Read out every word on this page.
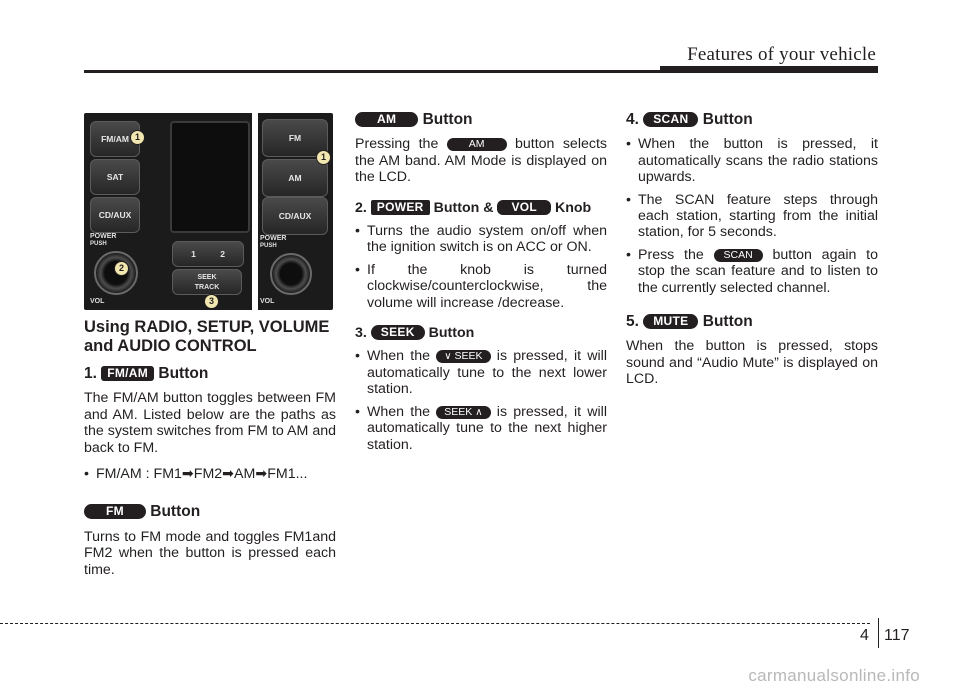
Features of your vehicle
FM/AM
SAT
CD/AUX
POWER
PUSH
VOL
1	2
SEEK
TRACK
FM
AM
CD/AUX
POWER
PUSH
VOL
1
1
2
3
Using RADIO, SETUP, VOLUME and AUDIO CONTROL
1. FM/AM Button

The FM/AM button toggles between FM and AM. Listed below are the paths as the system switches from FM to AM and back to FM.

• FM/AM : FM1➡FM2➡AM➡FM1...
FM Button

Turns to FM mode and toggles FM1and FM2 when the button is pressed each time.

AM Button

Pressing the	AM button selects the AM band. AM Mode is displayed on the LCD.

2. POWER Button & VOL Knob
• Turns the audio system on/off when the ignition switch is on ACC or ON.
• If the knob is turned clockwise/counterclockwise, the volume will increase /decrease.
3. SEEK Button
• When the ∨ SEEK is pressed, it will automatically tune to the next lower station.
• When the SEEK ∧ is pressed, it will automatically tune to the next higher station.
4. SCAN Button
• When the button is pressed, it automatically scans the radio stations upwards.
• The SCAN feature steps through each station, starting from the initial station, for 5 seconds.
• Press the SCAN button again to stop the scan feature and to listen to the currently selected channel.
5. MUTE Button

When the button is pressed, stops sound and “Audio Mute” is displayed on LCD.

4 117
carmanualsonline.info
